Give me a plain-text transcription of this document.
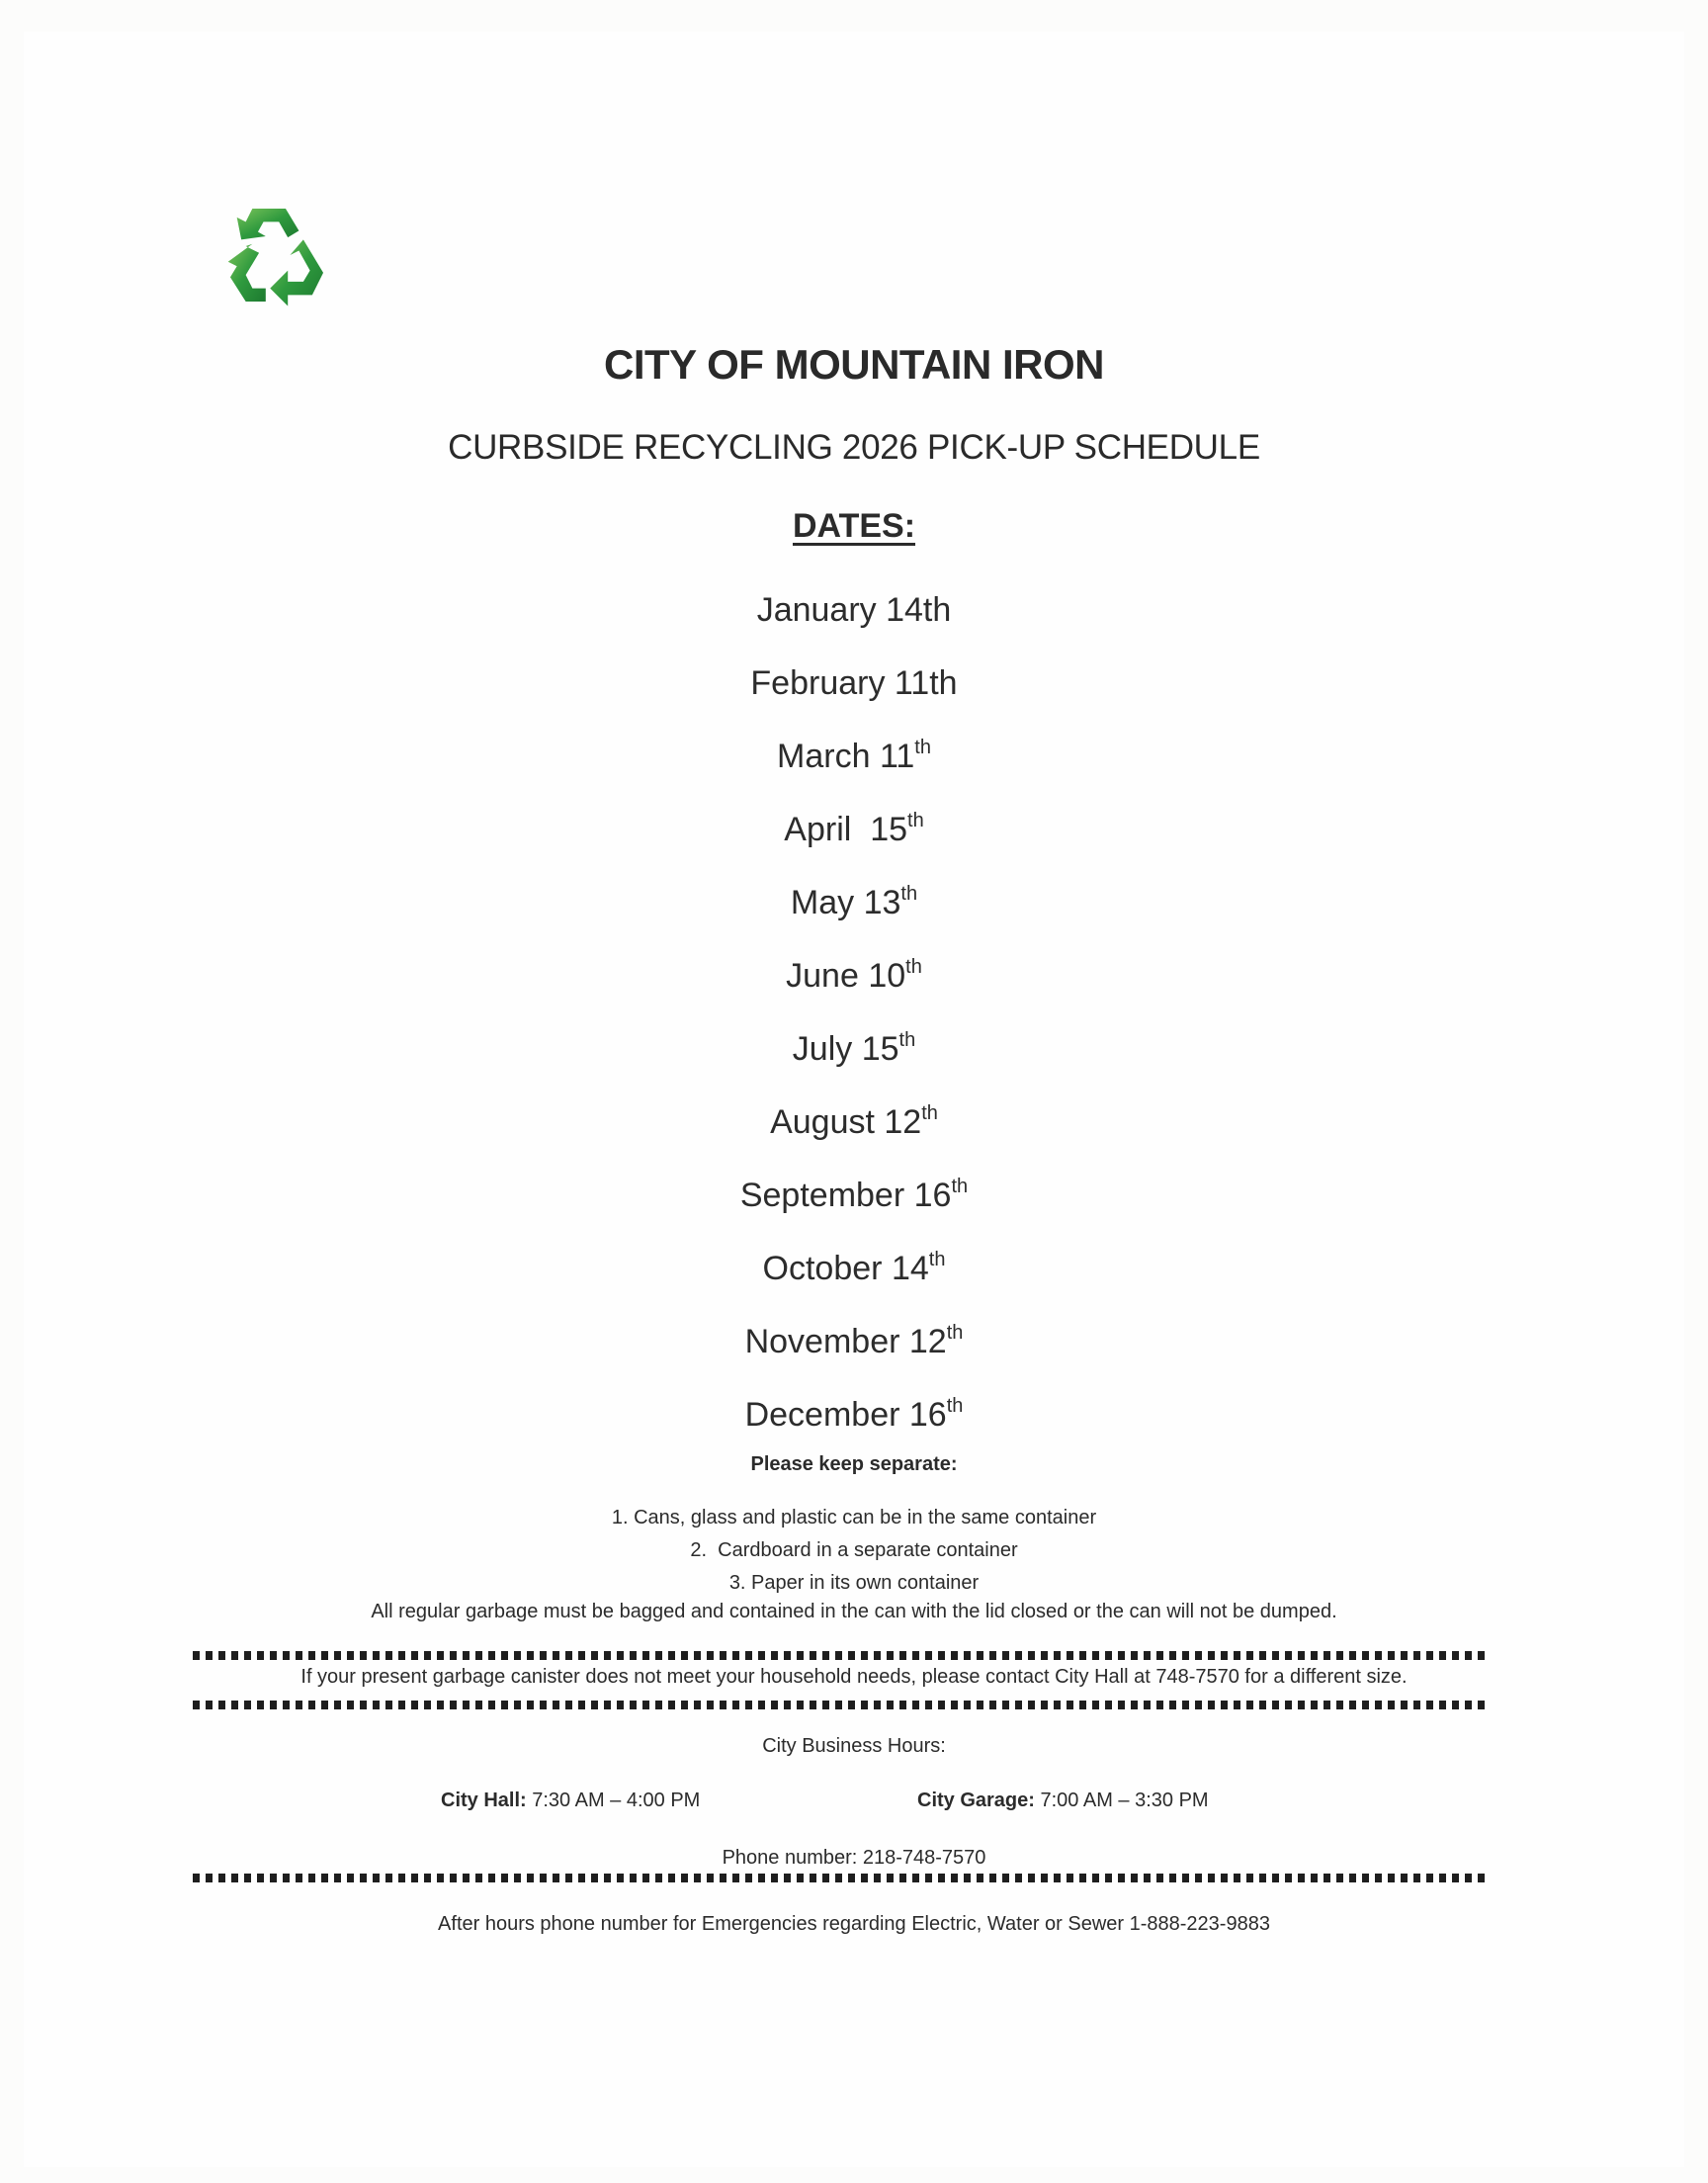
CITY OF MOUNTAIN IRON
CURBSIDE RECYCLING 2026 PICK-UP SCHEDULE
DATES:
January 14th
February 11th
March 11th
April  15th
May 13th
June 10th
July 15th
August 12th
September 16th
October 14th
November 12th
December 16th
Please keep separate:
1. Cans, glass and plastic can be in the same container
2.  Cardboard in a separate container
3. Paper in its own container
All regular garbage must be bagged and contained in the can with the lid closed or the can will not be dumped.
If your present garbage canister does not meet your household needs, please contact City Hall at 748-7570 for a different size.
City Business Hours:
City Hall: 7:30 AM – 4:00 PM	City Garage: 7:00 AM – 3:30 PM
Phone number: 218-748-7570
After hours phone number for Emergencies regarding Electric, Water or Sewer 1-888-223-9883
